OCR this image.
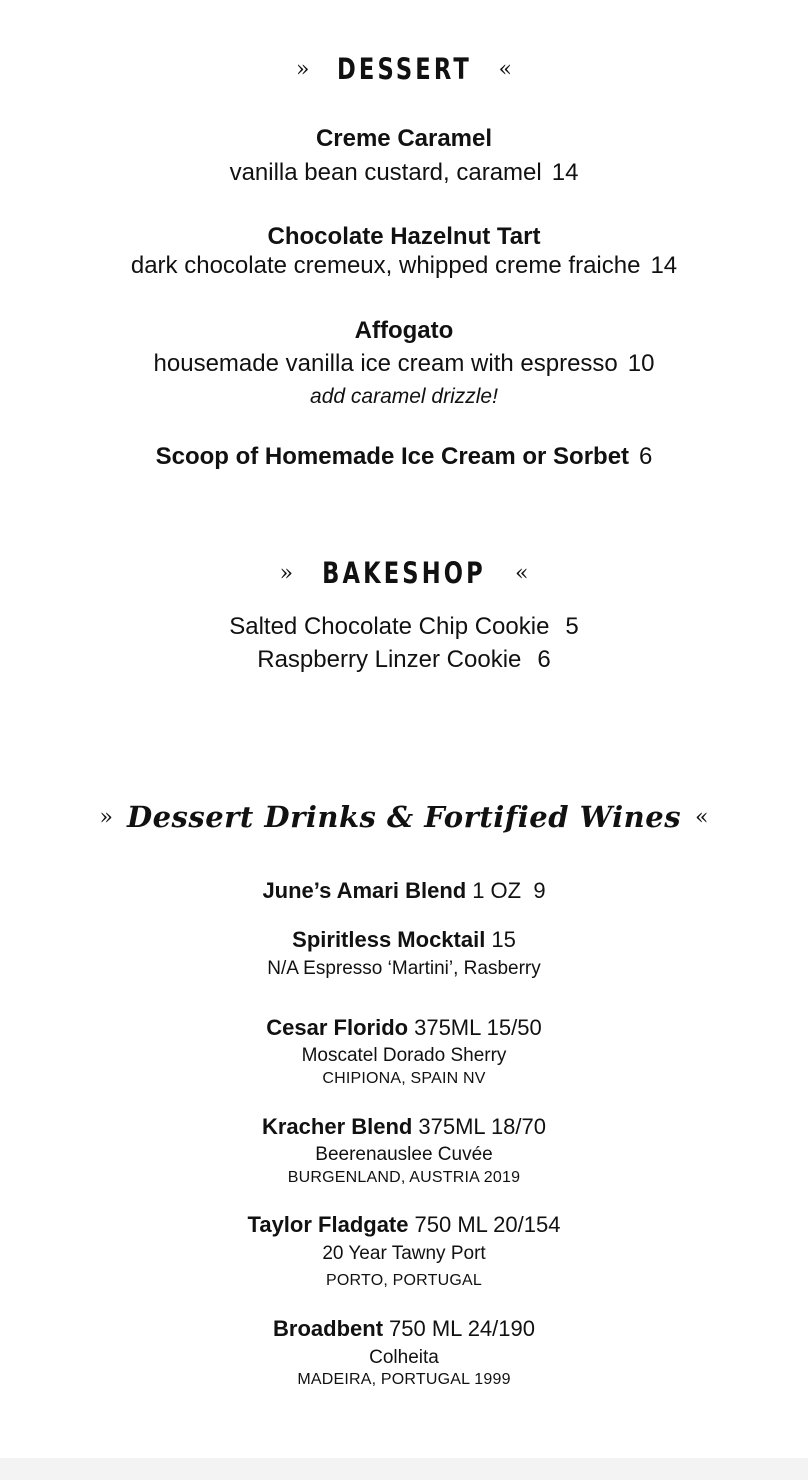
» DESSERT «
Creme Caramel
vanilla bean custard, caramel 14
Chocolate Hazelnut Tart
dark chocolate cremeux, whipped creme fraiche 14
Affogato
housemade vanilla ice cream with espresso 10
add caramel drizzle!
Scoop of Homemade Ice Cream or Sorbet 6
» BAKESHOP «
Salted Chocolate Chip Cookie 5
Raspberry Linzer Cookie 6
» Dessert Drinks & Fortified Wines «
June’s Amari Blend 1 OZ  9
Spiritless Mocktail 15
N/A Espresso ‘Martini’, Rasberry
Cesar Florido 375ML 15/50
Moscatel Dorado Sherry
CHIPIONA, SPAIN NV
Kracher Blend 375ML 18/70
Beerenauslee Cuvée
BURGENLAND, AUSTRIA 2019
Taylor Fladgate 750 ML 20/154
20 Year Tawny Port
PORTO, PORTUGAL
Broadbent 750 ML 24/190
Colheita
MADEIRA, PORTUGAL 1999
